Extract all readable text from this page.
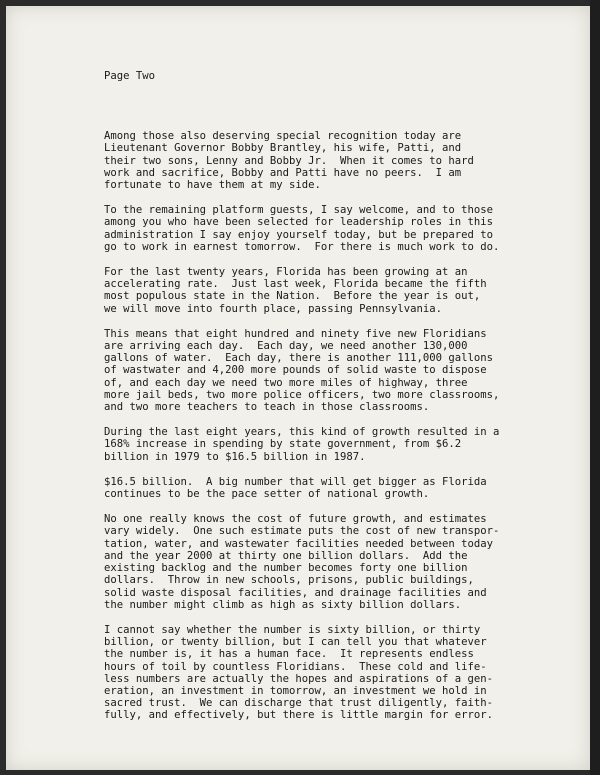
Page Two
Among those also deserving special recognition today are
Lieutenant Governor Bobby Brantley, his wife, Patti, and
their two sons, Lenny and Bobby Jr.  When it comes to hard
work and sacrifice, Bobby and Patti have no peers.  I am
fortunate to have them at my side.
To the remaining platform guests, I say welcome, and to those
among you who have been selected for leadership roles in this
administration I say enjoy yourself today, but be prepared to
go to work in earnest tomorrow.  For there is much work to do.
For the last twenty years, Florida has been growing at an
accelerating rate.  Just last week, Florida became the fifth
most populous state in the Nation.  Before the year is out,
we will move into fourth place, passing Pennsylvania.
This means that eight hundred and ninety five new Floridians
are arriving each day.  Each day, we need another 130,000
gallons of water.  Each day, there is another 111,000 gallons
of wastwater and 4,200 more pounds of solid waste to dispose
of, and each day we need two more miles of highway, three
more jail beds, two more police officers, two more classrooms,
and two more teachers to teach in those classrooms.
During the last eight years, this kind of growth resulted in a
168% increase in spending by state government, from $6.2
billion in 1979 to $16.5 billion in 1987.
$16.5 billion.  A big number that will get bigger as Florida
continues to be the pace setter of national growth.
No one really knows the cost of future growth, and estimates
vary widely.  One such estimate puts the cost of new transpor-
tation, water, and wastewater facilities needed between today
and the year 2000 at thirty one billion dollars.  Add the
existing backlog and the number becomes forty one billion
dollars.  Throw in new schools, prisons, public buildings,
solid waste disposal facilities, and drainage facilities and
the number might climb as high as sixty billion dollars.
I cannot say whether the number is sixty billion, or thirty
billion, or twenty billion, but I can tell you that whatever
the number is, it has a human face.  It represents endless
hours of toil by countless Floridians.  These cold and life-
less numbers are actually the hopes and aspirations of a gen-
eration, an investment in tomorrow, an investment we hold in
sacred trust.  We can discharge that trust diligently, faith-
fully, and effectively, but there is little margin for error.
